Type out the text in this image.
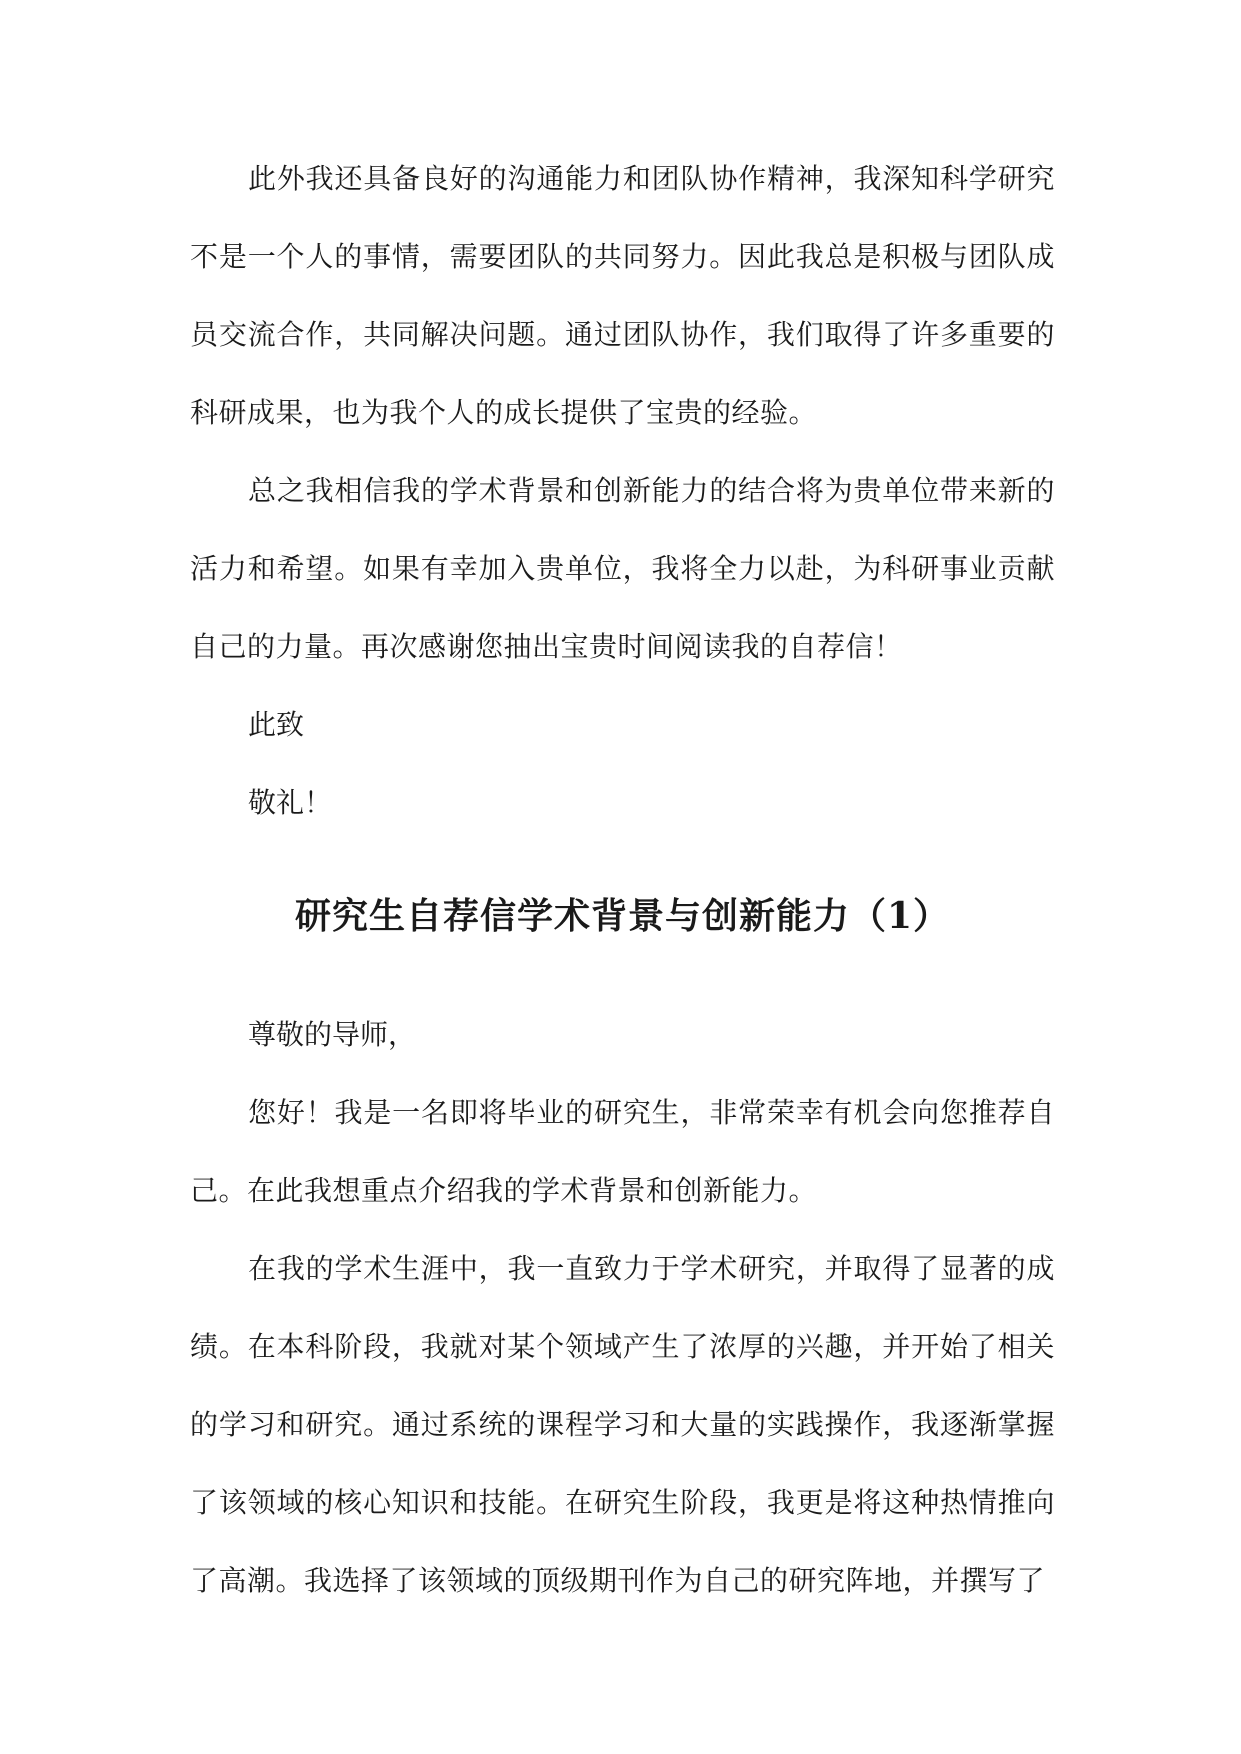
此外我还具备良好的沟通能力和团队协作精神，我深知科学研究不是一个人的事情，需要团队的共同努力。因此我总是积极与团队成员交流合作，共同解决问题。通过团队协作，我们取得了许多重要的科研成果，也为我个人的成长提供了宝贵的经验。

总之我相信我的学术背景和创新能力的结合将为贵单位带来新的活力和希望。如果有幸加入贵单位，我将全力以赴，为科研事业贡献自己的力量。再次感谢您抽出宝贵时间阅读我的自荐信！

此致

敬礼！

研究生自荐信学术背景与创新能力（1）

尊敬的导师，

您好！我是一名即将毕业的研究生，非常荣幸有机会向您推荐自己。在此我想重点介绍我的学术背景和创新能力。

在我的学术生涯中，我一直致力于学术研究，并取得了显著的成绩。在本科阶段，我就对某个领域产生了浓厚的兴趣，并开始了相关的学习和研究。通过系统的课程学习和大量的实践操作，我逐渐掌握了该领域的核心知识和技能。在研究生阶段，我更是将这种热情推向了高潮。我选择了该领域的顶级期刊作为自己的研究阵地，并撰写了
